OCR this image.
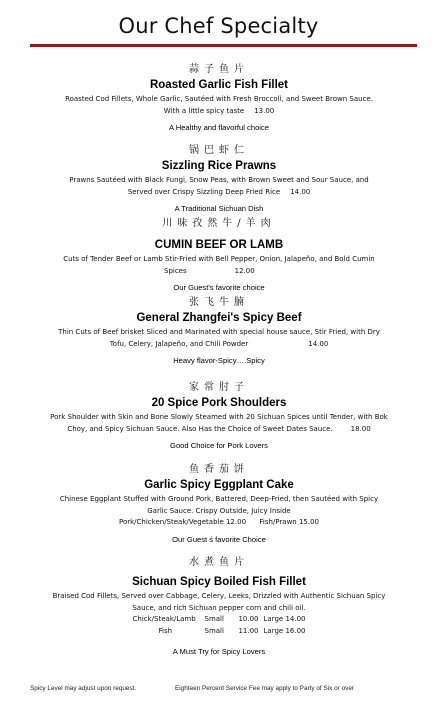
Our Chef Specialty
蒜子鱼片
Roasted Garlic Fish Fillet
Roasted Cod Fillets, Whole Garlic, Sautéed with Fresh Broccoli, and Sweet Brown Sauce.
With a little spicy taste 13.00
A Healthy and flavorful choice
锅巴虾仁
Sizzling Rice Prawns
Prawns Sautéed with Black Fungi, Snow Peas, with Brown Sweet and Sour Sauce, and
Served over Crispy Sizzling Deep Fried Rice 14.00
A Traditional Sichuan Dish
川味孜然牛/羊肉
CUMIN BEEF OR LAMB
Cuts of Tender Beef or Lamb Stir-Fried with Bell Pepper, Onion, Jalapeño, and Bold Cumin
Spices	12.00
Our Guest's favorite choice
张飞牛腩
General Zhangfei's Spicy Beef
Thin Cuts of Beef brisket Sliced and Marinated with special house sauce, Stir Fried, with Dry
Tofu, Celery, Jalapeño, and Chili Powder	14.00
Heavy flavor-Spicy….Spicy
家常肘子
20 Spice Pork Shoulders
Pork Shoulder with Skin and Bone Slowly Steamed with 20 Sichuan Spices until Tender, with Bok
Choy, and Spicy Sichuan Sauce. Also Has the Choice of Sweet Dates Sauce.	18.00
Good Choice for Pork Lovers
鱼香茄饼
Garlic Spicy Eggplant Cake
Chinese Eggplant Stuffed with Ground Pork, Battered, Deep-Fried, then Sautéed with Spicy
Garlic Sauce. Crispy Outside, Juicy Inside
Pork/Chicken/Steak/Vegetable 12.00      Fish/Prawn 15.00
Our Guest ś favorite Choice
水煮鱼片
Sichuan Spicy Boiled Fish Fillet
Braised Cod Fillets, Served over Cabbage, Celery, Leeks, Drizzled with Authentic Sichuan Spicy
Sauce, and rich Sichuan pepper corn and chili oil.
Chick/Steak/Lamb Small 10.00 Large 14.00
Fish	Small 11.00 Large 16.00
A Must Try for Spicy Lovers
Spicy Level may adjust upon request.	Eighteen Percent Service Fee may apply to Party of Six or over
